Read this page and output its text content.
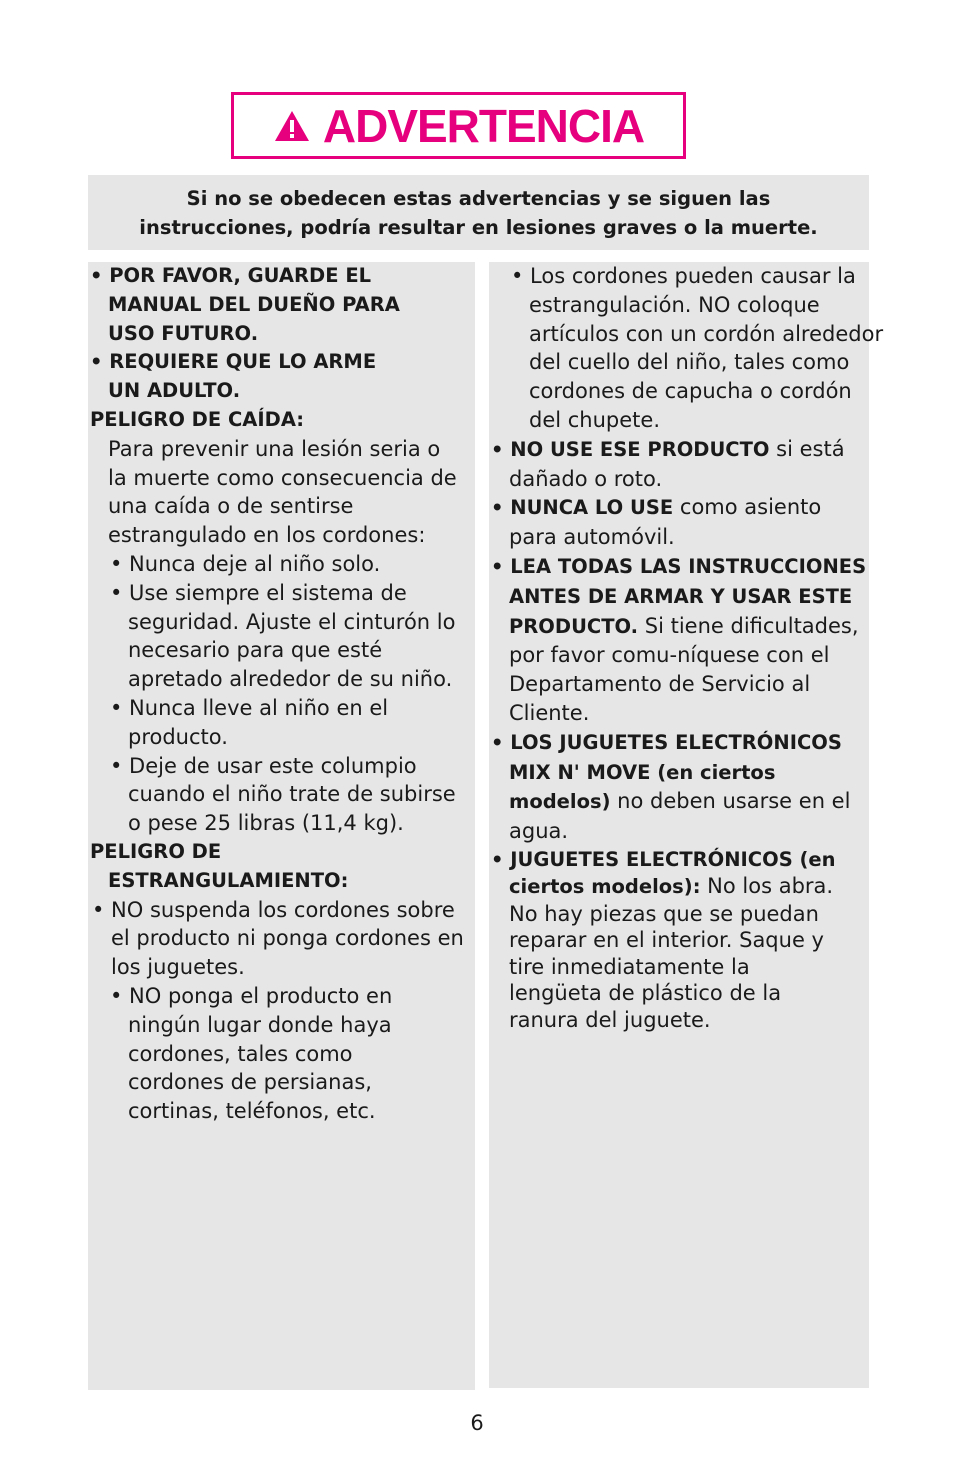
ADVERTENCIA
Si no se obedecen estas advertencias y se siguen las
instrucciones, podría resultar en lesiones graves o la muerte.

• POR FAVOR, GUARDE EL MANUAL DEL DUEÑO PARA USO FUTURO.

• REQUIERE QUE LO ARME UN ADULTO.

PELIGRO DE CAÍDA:

Para prevenir una lesión seria o la muerte como consecuencia de una caída o de sentirse estrangulado en los cordones:

• Nunca deje al niño solo.

• Use siempre el sistema de seguridad. Ajuste el cinturón lo necesario para que esté apretado alrededor de su niño.

• Nunca lleve al niño en el producto.

• Deje de usar este columpio cuando el niño trate de subirse o pese 25 libras (11,4 kg).

PELIGRO DE

ESTRANGULAMIENTO:

• NO suspenda los cordones sobre el producto ni ponga cordones en los juguetes.

• NO ponga el producto en ningún lugar donde haya cordones, tales como cordones de persianas, cortinas, teléfonos, etc.

• Los cordones pueden causar la estrangulación. NO coloque artículos con un cordón alrededor del cuello del niño, tales como cordones de capucha o cordón del chupete.

• NO USE ESE PRODUCTO si está dañado o roto.

• NUNCA LO USE como asiento para automóvil.

• LEA TODAS LAS INSTRUCCIONES ANTES DE ARMAR Y USAR ESTE PRODUCTO. Si tiene dificultades, por favor comu-níquese con el Departamento de Servicio al Cliente.

• LOS JUGUETES ELECTRÓNICOS MIX N' MOVE (en ciertos modelos) no deben usarse en el agua.

• JUGUETES ELECTRÓNICOS (en ciertos modelos): No los abra. No hay piezas que se puedan reparar en el interior. Saque y tire inmediatamente la lengüeta de plástico de la ranura del juguete.

6
